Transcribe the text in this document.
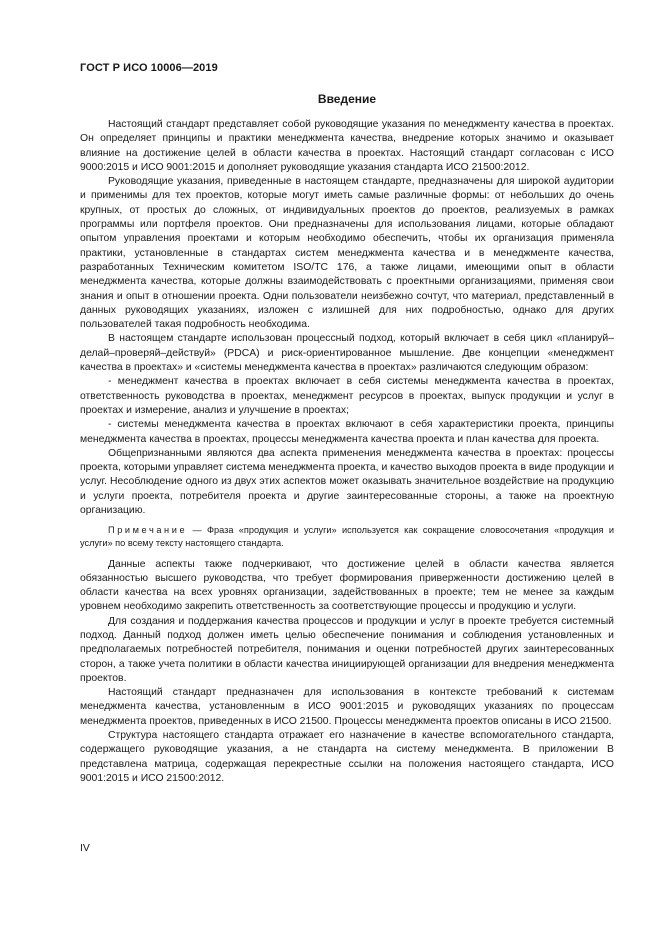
ГОСТ Р ИСО 10006—2019
Введение

Настоящий стандарт представляет собой руководящие указания по менеджменту качества в проектах. Он определяет принципы и практики менеджмента качества, внедрение которых значимо и оказывает влияние на достижение целей в области качества в проектах. Настоящий стандарт согласован с ИСО 9000:2015 и ИСО 9001:2015 и дополняет руководящие указания стандарта ИСО 21500:2012.

Руководящие указания, приведенные в настоящем стандарте, предназначены для широкой аудитории и применимы для тех проектов, которые могут иметь самые различные формы: от небольших до очень крупных, от простых до сложных, от индивидуальных проектов до проектов, реализуемых в рамках программы или портфеля проектов. Они предназначены для использования лицами, которые обладают опытом управления проектами и которым необходимо обеспечить, чтобы их организация применяла практики, установленные в стандартах систем менеджмента качества и в менеджменте качества, разработанных Техническим комитетом ISO/TC 176, а также лицами, имеющими опыт в области менеджмента качества, которые должны взаимодействовать с проектными организациями, применяя свои знания и опыт в отношении проекта. Одни пользователи неизбежно сочтут, что материал, представленный в данных руководящих указаниях, изложен с излишней для них подробностью, однако для других пользователей такая подробность необходима.

В настоящем стандарте использован процессный подход, который включает в себя цикл «планируй–делай–проверяй–действуй» (PDCA) и риск-ориентированное мышление. Две концепции «менеджмент качества в проектах» и «системы менеджмента качества в проектах» различаются следующим образом:

- менеджмент качества в проектах включает в себя системы менеджмента качества в проектах, ответственность руководства в проектах, менеджмент ресурсов в проектах, выпуск продукции и услуг в проектах и измерение, анализ и улучшение в проектах;

- системы менеджмента качества в проектах включают в себя характеристики проекта, принципы менеджмента качества в проектах, процессы менеджмента качества проекта и план качества для проекта.

Общепризнанными являются два аспекта применения менеджмента качества в проектах: процессы проекта, которыми управляет система менеджмента проекта, и качество выходов проекта в виде продукции и услуг. Несоблюдение одного из двух этих аспектов может оказывать значительное воздействие на продукцию и услуги проекта, потребителя проекта и другие заинтересованные стороны, а также на проектную организацию.

Примечание — Фраза «продукция и услуги» используется как сокращение словосочетания «продукция и услуги» по всему тексту настоящего стандарта.

Данные аспекты также подчеркивают, что достижение целей в области качества является обязанностью высшего руководства, что требует формирования приверженности достижению целей в области качества на всех уровнях организации, задействованных в проекте; тем не менее за каждым уровнем необходимо закрепить ответственность за соответствующие процессы и продукцию и услуги.

Для создания и поддержания качества процессов и продукции и услуг в проекте требуется системный подход. Данный подход должен иметь целью обеспечение понимания и соблюдения установленных и предполагаемых потребностей потребителя, понимания и оценки потребностей других заинтересованных сторон, а также учета политики в области качества инициирующей организации для внедрения менеджмента проектов.

Настоящий стандарт предназначен для использования в контексте требований к системам менеджмента качества, установленным в ИСО 9001:2015 и руководящих указаниях по процессам менеджмента проектов, приведенных в ИСО 21500. Процессы менеджмента проектов описаны в ИСО 21500.

Структура настоящего стандарта отражает его назначение в качестве вспомогательного стандарта, содержащего руководящие указания, а не стандарта на систему менеджмента. В приложении В представлена матрица, содержащая перекрестные ссылки на положения настоящего стандарта, ИСО 9001:2015 и ИСО 21500:2012.

IV
